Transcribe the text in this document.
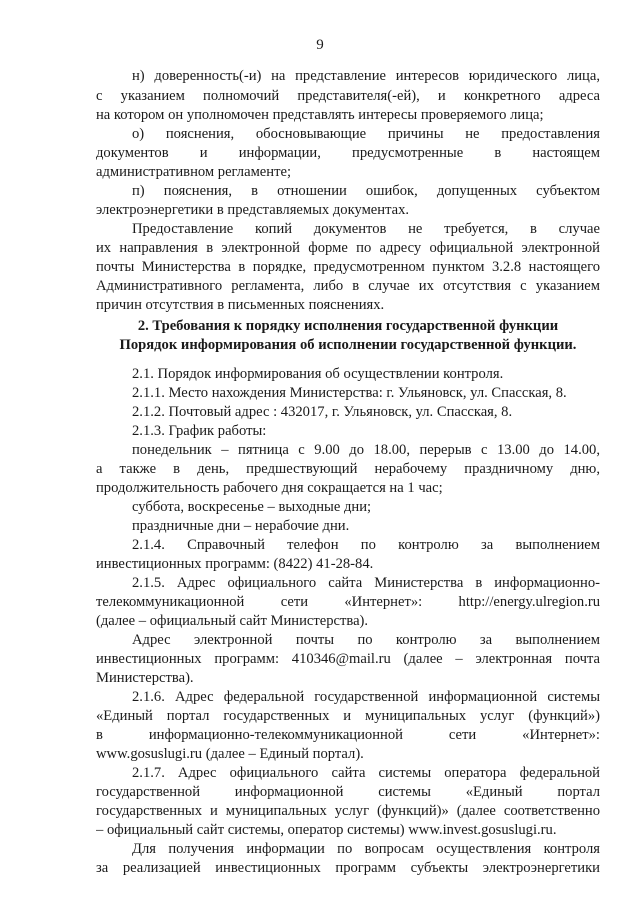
9
н) доверенность(-и) на представление интересов юридического лица,
с указанием полномочий представителя(-ей), и конкретного адреса
на котором он уполномочен представлять интересы проверяемого лица;
о) пояснения, обосновывающие причины не предоставления
документов и информации, предусмотренные в настоящем
административном регламенте;
п) пояснения, в отношении ошибок, допущенных субъектом
электроэнергетики в представляемых документах.
Предоставление копий документов не требуется, в случае
их направления в электронной форме по адресу официальной электронной
почты Министерства в порядке, предусмотренном пунктом 3.2.8 настоящего
Административного регламента, либо в случае их отсутствия с указанием
причин отсутствия в письменных пояснениях.
2. Требования к порядку исполнения государственной функции
Порядок информирования об исполнении государственной функции.
2.1. Порядок информирования об осуществлении контроля.
2.1.1. Место нахождения Министерства: г. Ульяновск, ул. Спасская, 8.
2.1.2. Почтовый адрес : 432017, г. Ульяновск, ул. Спасская, 8.
2.1.3. График работы:
понедельник – пятница с 9.00 до 18.00, перерыв с 13.00 до 14.00,
а также в день, предшествующий нерабочему праздничному дню,
продолжительность рабочего дня сокращается на 1 час;
суббота, воскресенье – выходные дни;
праздничные дни – нерабочие дни.
2.1.4. Справочный телефон по контролю за выполнением
инвестиционных программ: (8422) 41-28-84.
2.1.5. Адрес официального сайта Министерства в информационно-
телекоммуникационной сети «Интернет»: http://energy.ulregion.ru
(далее – официальный сайт Министерства).
Адрес электронной почты по контролю за выполнением
инвестиционных программ: 410346@mail.ru (далее – электронная почта
Министерства).
2.1.6. Адрес федеральной государственной информационной системы
«Единый портал государственных и муниципальных услуг (функций»)
в информационно-телекоммуникационной сети «Интернет»:
www.gosuslugi.ru (далее – Единый портал).
2.1.7. Адрес официального сайта системы оператора федеральной
государственной информационной системы «Единый портал
государственных и муниципальных услуг (функций)» (далее соответственно
– официальный сайт системы, оператор системы) www.invest.gosuslugi.ru.
Для получения информации по вопросам осуществления контроля
за реализацией инвестиционных программ субъекты электроэнергетики
